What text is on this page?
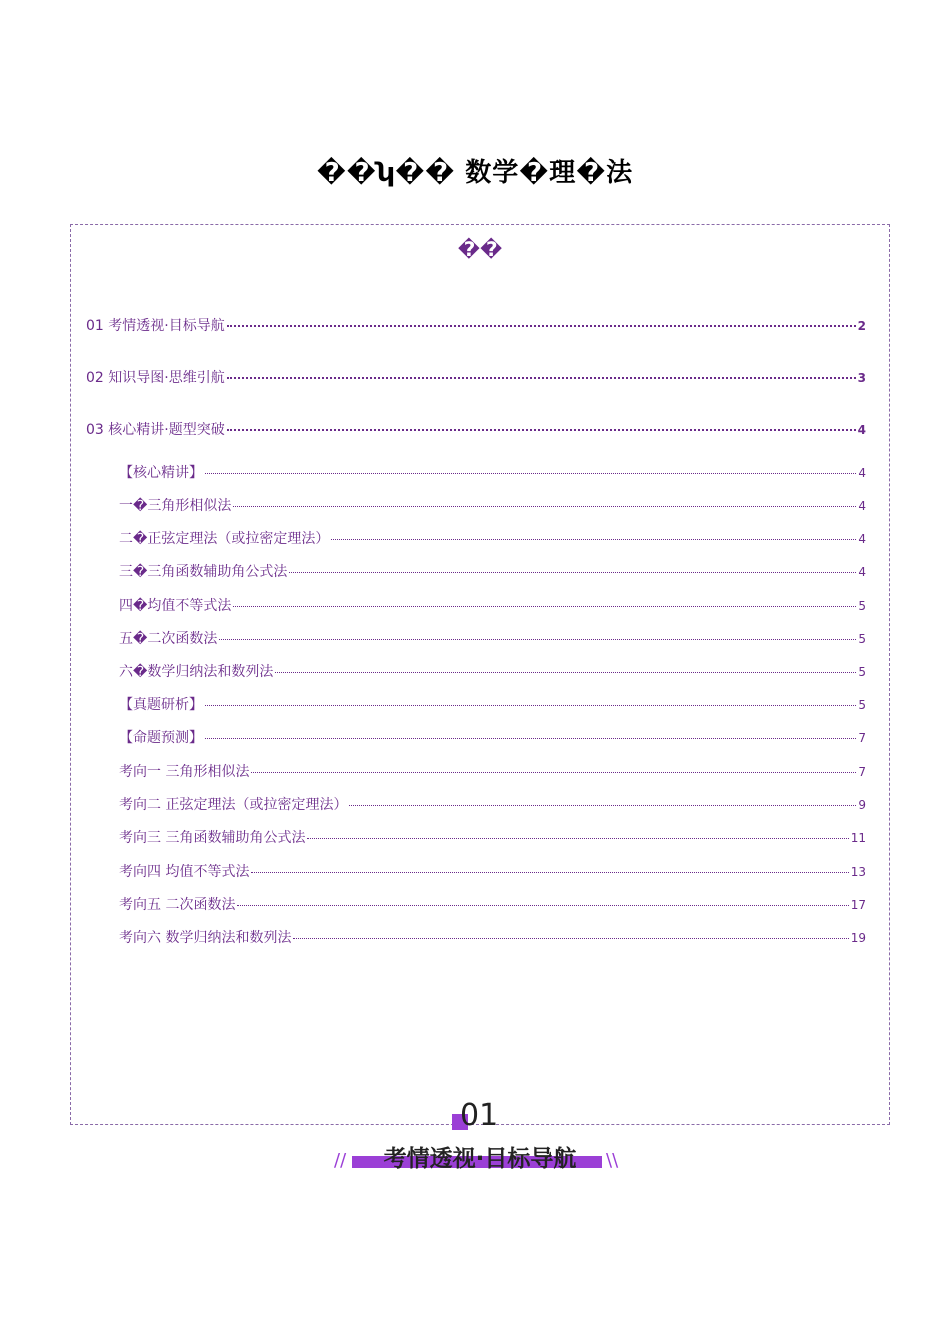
��ʮ�� 数学�理�法
��
01 考情透视·目标导航	2
02 知识导图·思维引航	3
03 核心精讲·题型突破	4
【核心精讲】	4
一�三角形相似法	4
二�正弦定理法（或拉密定理法）	4
三�三角函数辅助角公式法	4
四�均值不等式法	5
五�二次函数法	5
六�数学归纳法和数列法	5
【真题研析】	5
【命题预测】	7
考向一 三角形相似法	7
考向二 正弦定理法（或拉密定理法）	9
考向三 三角函数辅助角公式法	11
考向四 均值不等式法	13
考向五 二次函数法	17
考向六 数学归纳法和数列法	19
01
//	考情透视·目标导航	\\
